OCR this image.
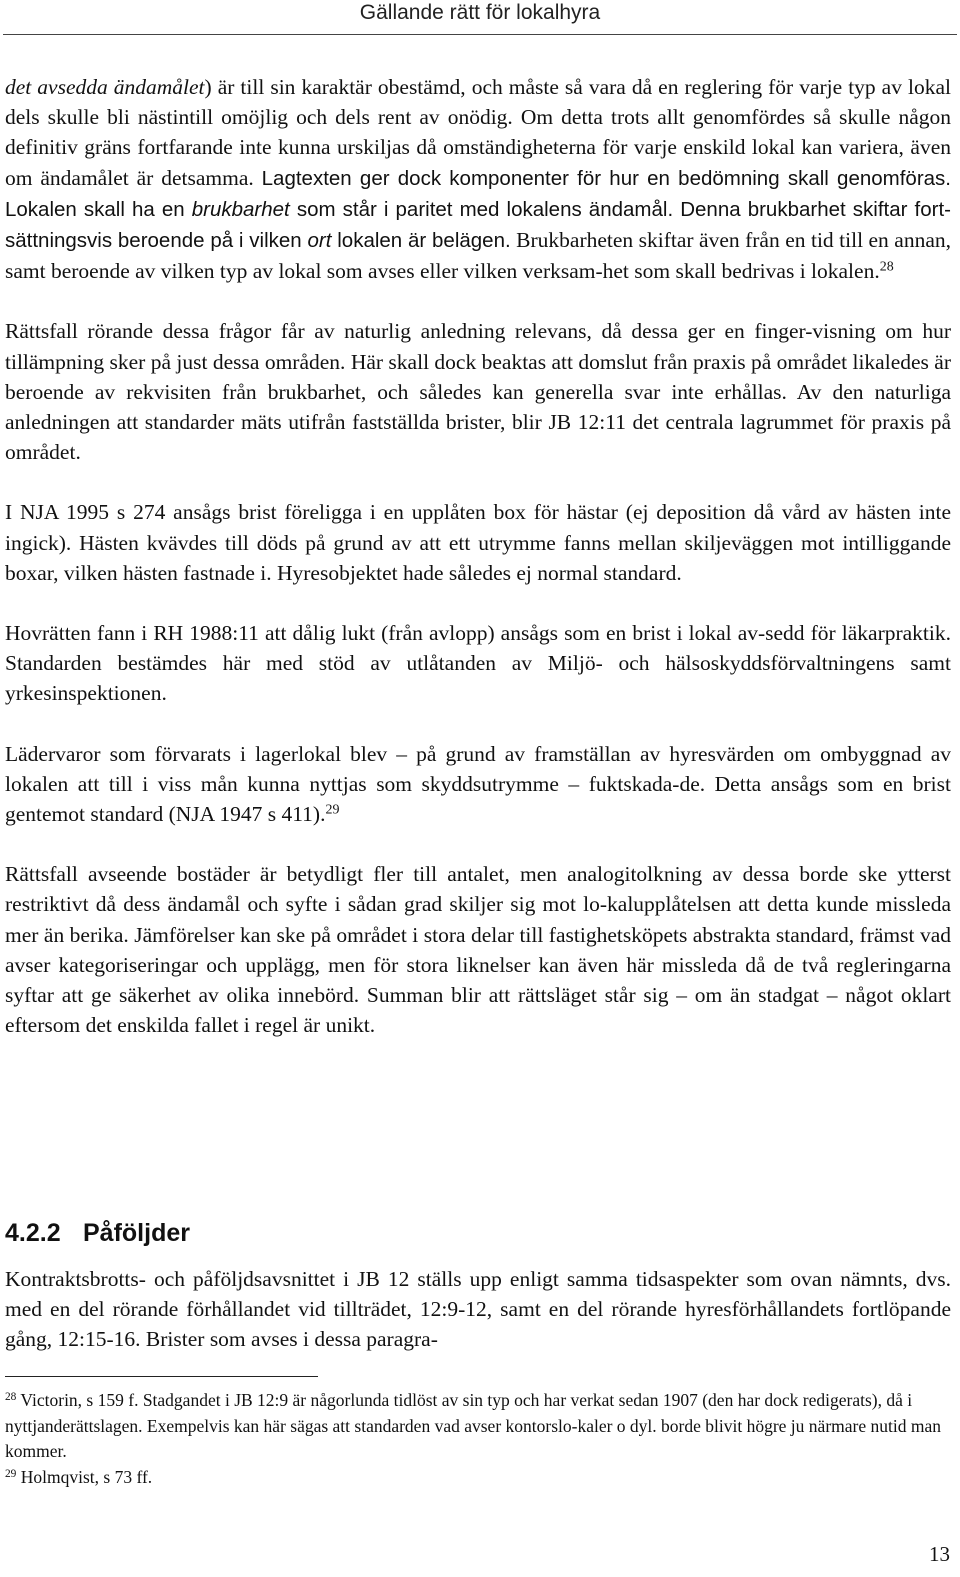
Gällande rätt för lokalhyra

det avsedda ändamålet) är till sin karaktär obestämd, och måste så vara då en reglering för varje typ av lokal dels skulle bli nästintill omöjlig och dels rent av onödig. Om detta trots allt genomfördes så skulle någon definitiv gräns fortfarande inte kunna urskiljas då omständigheterna för varje enskild lokal kan variera, även om ändamålet är detsamma. Lagtexten ger dock komponenter för hur en bedömning skall genomföras. Lokalen skall ha en brukbarhet som står i paritet med lokalens ändamål. Denna brukbarhet skiftar fort-sättningsvis beroende på i vilken ort lokalen är belägen. Brukbarheten skiftar även från en tid till en annan, samt beroende av vilken typ av lokal som avses eller vilken verksam-het som skall bedrivas i lokalen.$^{28}$

Rättsfall rörande dessa frågor får av naturlig anledning relevans, då dessa ger en finger-visning om hur tillämpning sker på just dessa områden. Här skall dock beaktas att domslut från praxis på området likaledes är beroende av rekvisiten från brukbarhet, och således kan generella svar inte erhållas. Av den naturliga anledningen att standarder mäts utifrån fastställda brister, blir JB 12:11 det centrala lagrummet för praxis på området.

I NJA 1995 s 274 ansågs brist föreligga i en upplåten box för hästar (ej deposition då vård av hästen inte ingick). Hästen kvävdes till döds på grund av att ett utrymme fanns mellan skiljeväggen mot intilliggande boxar, vilken hästen fastnade i. Hyresobjektet hade således ej normal standard.

Hovrätten fann i RH 1988:11 att dålig lukt (från avlopp) ansågs som en brist i lokal av-sedd för läkarpraktik. Standarden bestämdes här med stöd av utlåtanden av Miljö- och hälsoskyddsförvaltningens samt yrkesinspektionen.

Lädervaror som förvarats i lagerlokal blev – på grund av framställan av hyresvärden om ombyggnad av lokalen att till i viss mån kunna nyttjas som skyddsutrymme – fuktskada-de. Detta ansågs som en brist gentemot standard (NJA 1947 s 411).$^{29}$

Rättsfall avseende bostäder är betydligt fler till antalet, men analogitolkning av dessa borde ske ytterst restriktivt då dess ändamål och syfte i sådan grad skiljer sig mot lo-kalupplåtelsen att detta kunde missleda mer än berika. Jämförelser kan ske på området i stora delar till fastighetsköpets abstrakta standard, främst vad avser kategoriseringar och upplägg, men för stora liknelser kan även här missleda då de två regleringarna syftar att ge säkerhet av olika innebörd. Summan blir att rättsläget står sig – om än stadgat – något oklart eftersom det enskilda fallet i regel är unikt.

4.2.2 Påföljder
Kontraktsbrotts- och påföljdsavsnittet i JB 12 ställs upp enligt samma tidsaspekter som ovan nämnts, dvs. med en del rörande förhållandet vid tillträdet, 12:9-12, samt en del rörande hyresförhållandets fortlöpande gång, 12:15-16. Brister som avses i dessa paragra-
$^{28}$ Victorin, s 159 f. Stadgandet i JB 12:9 är någorlunda tidlöst av sin typ och har verkat sedan 1907 (den har dock redigerats), då i nyttjanderättslagen. Exempelvis kan här sägas att standarden vad avser kontorslo-kaler o dyl. borde blivit högre ju närmare nutid man kommer.
$^{29}$ Holmqvist, s 73 ff.
13
